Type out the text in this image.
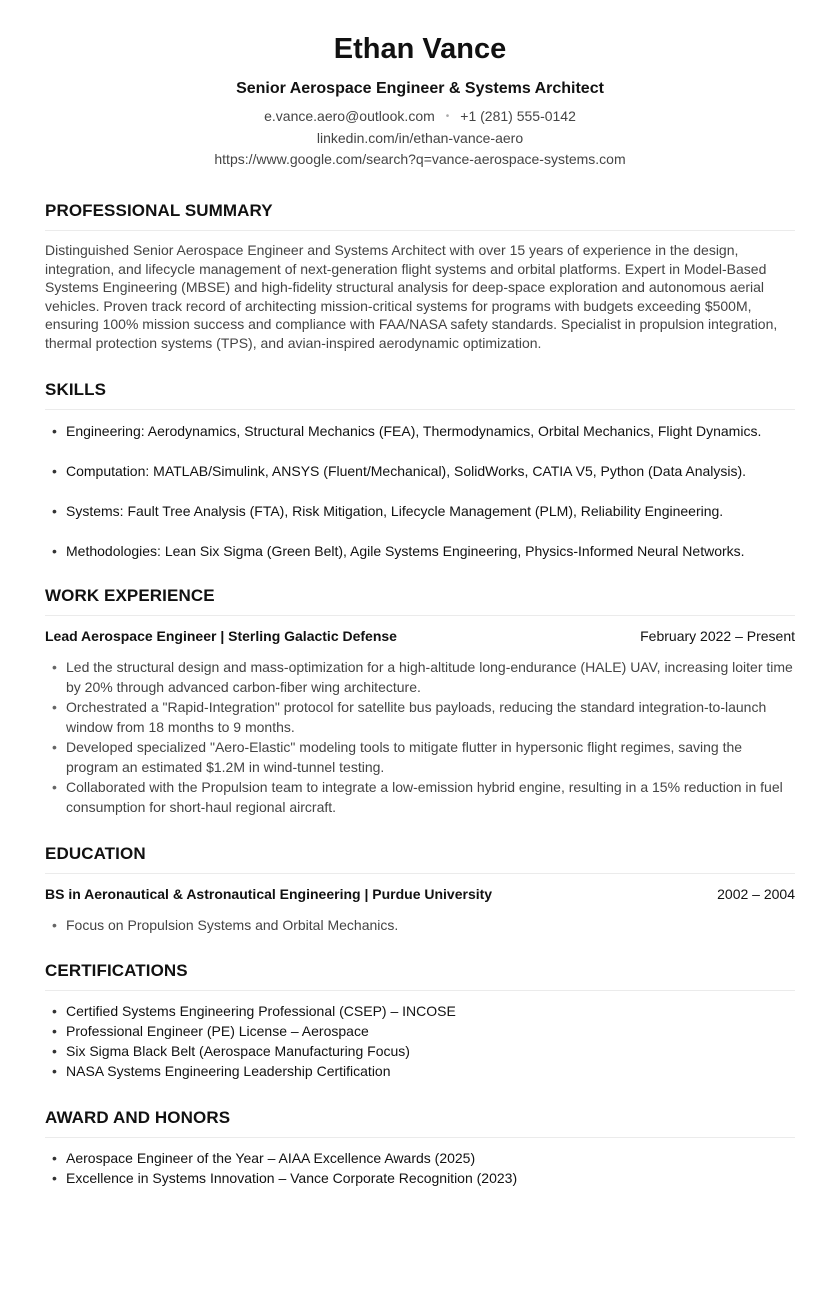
Ethan Vance
Senior Aerospace Engineer & Systems Architect
e.vance.aero@outlook.com • +1 (281) 555-0142
linkedin.com/in/ethan-vance-aero
https://www.google.com/search?q=vance-aerospace-systems.com
PROFESSIONAL SUMMARY
Distinguished Senior Aerospace Engineer and Systems Architect with over 15 years of experience in the design, integration, and lifecycle management of next-generation flight systems and orbital platforms. Expert in Model-Based Systems Engineering (MBSE) and high-fidelity structural analysis for deep-space exploration and autonomous aerial vehicles. Proven track record of architecting mission-critical systems for programs with budgets exceeding $500M, ensuring 100% mission success and compliance with FAA/NASA safety standards. Specialist in propulsion integration, thermal protection systems (TPS), and avian-inspired aerodynamic optimization.
SKILLS
• Engineering: Aerodynamics, Structural Mechanics (FEA), Thermodynamics, Orbital Mechanics, Flight Dynamics.
• Computation: MATLAB/Simulink, ANSYS (Fluent/Mechanical), SolidWorks, CATIA V5, Python (Data Analysis).
• Systems: Fault Tree Analysis (FTA), Risk Mitigation, Lifecycle Management (PLM), Reliability Engineering.
• Methodologies: Lean Six Sigma (Green Belt), Agile Systems Engineering, Physics-Informed Neural Networks.
WORK EXPERIENCE
Lead Aerospace Engineer | Sterling Galactic Defense	February 2022 – Present
• Led the structural design and mass-optimization for a high-altitude long-endurance (HALE) UAV, increasing loiter time by 20% through advanced carbon-fiber wing architecture.
• Orchestrated a "Rapid-Integration" protocol for satellite bus payloads, reducing the standard integration-to-launch window from 18 months to 9 months.
• Developed specialized "Aero-Elastic" modeling tools to mitigate flutter in hypersonic flight regimes, saving the program an estimated $1.2M in wind-tunnel testing.
• Collaborated with the Propulsion team to integrate a low-emission hybrid engine, resulting in a 15% reduction in fuel consumption for short-haul regional aircraft.
EDUCATION
BS in Aeronautical & Astronautical Engineering | Purdue University	2002 – 2004
• Focus on Propulsion Systems and Orbital Mechanics.
CERTIFICATIONS
• Certified Systems Engineering Professional (CSEP) – INCOSE
• Professional Engineer (PE) License – Aerospace
• Six Sigma Black Belt (Aerospace Manufacturing Focus)
• NASA Systems Engineering Leadership Certification
AWARD AND HONORS
• Aerospace Engineer of the Year – AIAA Excellence Awards (2025)
• Excellence in Systems Innovation – Vance Corporate Recognition (2023)
